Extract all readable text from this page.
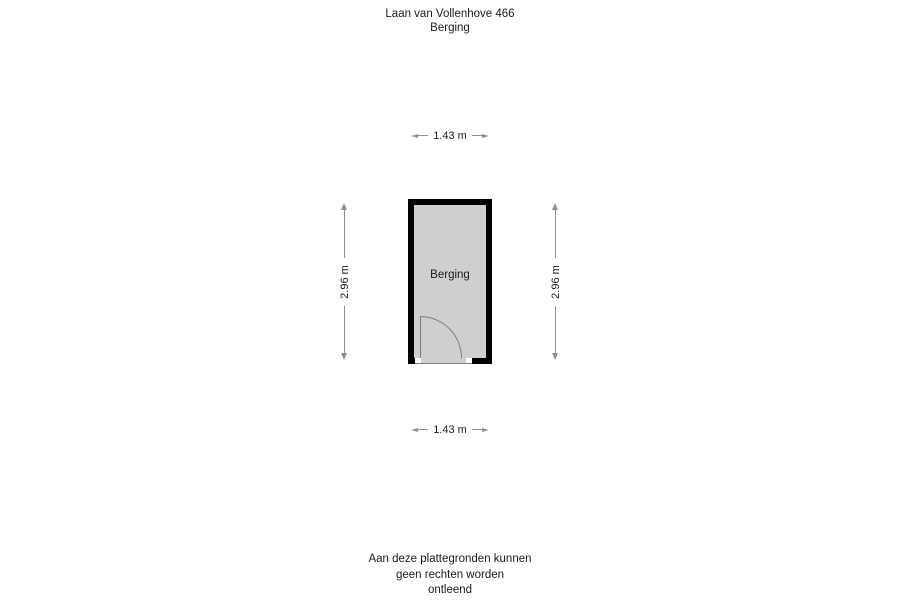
Laan van Vollenhove 466
Berging
1.43 m
2.96 m	2.96 m
Berging
1.43 m
Aan deze plattegronden kunnen
geen rechten worden
ontleend
